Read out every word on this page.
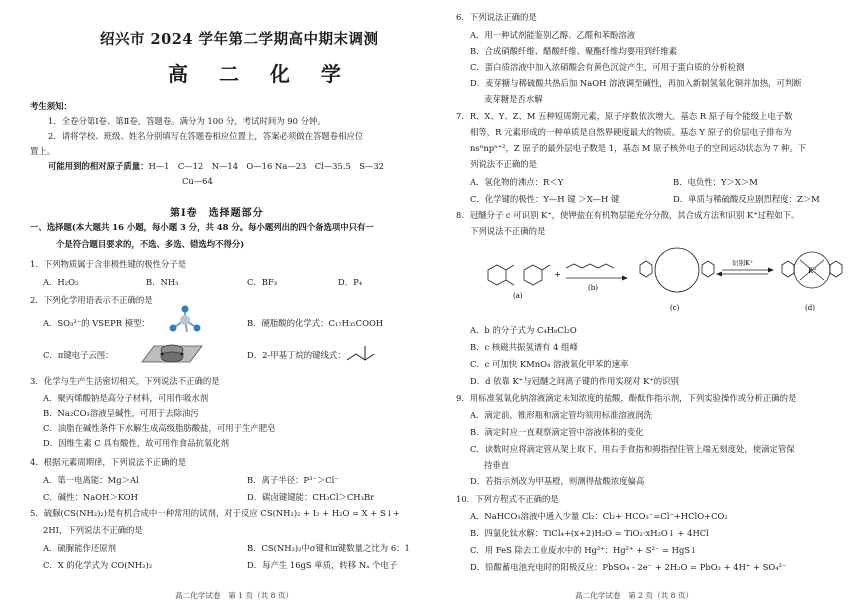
绍兴市 2024 学年第二学期高中期末调测
高 二 化 学
考生须知：
1．全卷分第Ⅰ卷、第Ⅱ卷，答题卷。满分为 100 分，考试时间为 90 分钟。
2．请将学校、班级、姓名分别填写在答题卷相应位置上，答案必须做在答题卷相应位
置上。
可能用到的相对原子质量：H—1　C—12　N—14　O—16 Na—23　Cl—35.5　S—32
Cu—64
第Ⅰ卷　选择题部分
一、选择题(本大题共 16 小题，每小题 3 分，共 48 分。每小题列出的四个备选项中只有一
个是符合题目要求的，不选、多选、错选均不得分)
1．下列物质属于含非极性键的极性分子是
A．H₂O₂	B．NH₃	C．BF₃	D．P₄
2．下列化学用语表示不正确的是
A．SO₃²⁻的 VSEPR 模型：	B．硬脂酸的化学式：C₁₇H₃₅COOH
C．π键电子云图：	D．2-甲基丁烷的键线式：
3．化学与生产生活密切相关，下列说法不正确的是
A．聚丙烯酸钠是高分子材料，可用作吸水剂
B．Na₂CO₃溶液呈碱性，可用于去除油污
C．油脂在碱性条件下水解生成高级脂肪酸盐，可用于生产肥皂
D．因维生素 C 具有酸性，故可用作食品抗氧化剂
4．根据元素周期律，下列说法不正确的是
A．第一电离能：Mg＞Al	B．离子半径：P³⁻＞Cl⁻
C．碱性：NaOH＞KOH	D．碳卤键键能：CH₃Cl＞CH₃Br
5．硫脲(CS(NH₂)₂)是有机合成中一种常用的试剂，对于反应 CS(NH₂)₂ + I₂ + H₂O = X + S↓+
2HI，下列说法不正确的是
A．硫脲能作还原剂	B．CS(NH₂)₂中σ键和π键数量之比为 6：1
C．X 的化学式为 CO(NH₂)₂	D．每产生 16gS 单质，转移 Nₐ 个电子
高二化学试卷　第 1 页（共 8 页）
6．下列说法正确的是
A．用一种试剂能鉴别乙醇、乙醛和苯酚溶液
B．合成硝酸纤维、醋酸纤维、聚酯纤维均要用到纤维素
C．蛋白质溶液中加入浓硝酸会有黄色沉淀产生，可用于蛋白质的分析检测
D．麦芽糖与稀硫酸共热后加 NaOH 溶液调至碱性，再加入新制氢氧化铜并加热，可判断
麦芽糖是否水解
7．R、X、Y、Z、M 五种短周期元素，原子序数依次增大。基态 R 原子每个能级上电子数
相等，R 元素形成的一种单质是自然界硬度最大的物质。基态 Y 原子的价层电子排布为
nsⁿnpⁿ⁺²，Z 原子的最外层电子数是 1，基态 M 原子核外电子的空间运动状态为 7 种。下
列说法不正确的是
A．氢化物的沸点：R＜Y	B．电负性：Y＞X＞M
C．化学键的极性：Y—H 键 ＞X—H 键	D．单质与稀硫酸反应剧烈程度：Z＞M
8．冠醚分子 c 可识别 K⁺，使钾盐在有机物层能充分分散，其合成方法和识别 K⁺过程如下。
下列说法不正确的是
(a)
+
(b)
(c)
识别K⁺
K⁺
(d)
A．b 的分子式为 C₄H₈Cl₂O
B．c 核磁共振氢谱有 4 组峰
C．c 可加快 KMnO₄ 溶液氧化甲苯的速率
D．d 依靠 K⁺与冠醚之间离子键的作用实现对 K⁺的识别
9．用标准氢氧化钠溶液滴定未知浓度的盐酸，酚酞作指示剂，下列实验操作或分析正确的是
A．滴定前，锥形瓶和滴定管均须用标准溶液润洗
B．滴定时应一直观察滴定管中溶液体积的变化
C．读数时应将滴定管从架上取下，用右手食指和拇指捏住管上端无刻度处，使滴定管保
持垂直
D．若指示剂改为甲基橙，则测得盐酸浓度偏高
10．下列方程式不正确的是
A．NaHCO₃溶液中通入少量 Cl₂：Cl₂+ HCO₃⁻=Cl⁻+HClO+CO₂
B．四氯化钛水解：TiCl₄+(x+2)H₂O = TiO₂·xH₂O↓ + 4HCl
C．用 FeS 除去工业废水中的 Hg²⁺：Hg²⁺ + S²⁻ = HgS↓
D．铅酸蓄电池充电时的阳极反应：PbSO₄ - 2e⁻ + 2H₂O = PbO₂ + 4H⁺ + SO₄²⁻
高二化学试卷　第 2 页（共 8 页）
